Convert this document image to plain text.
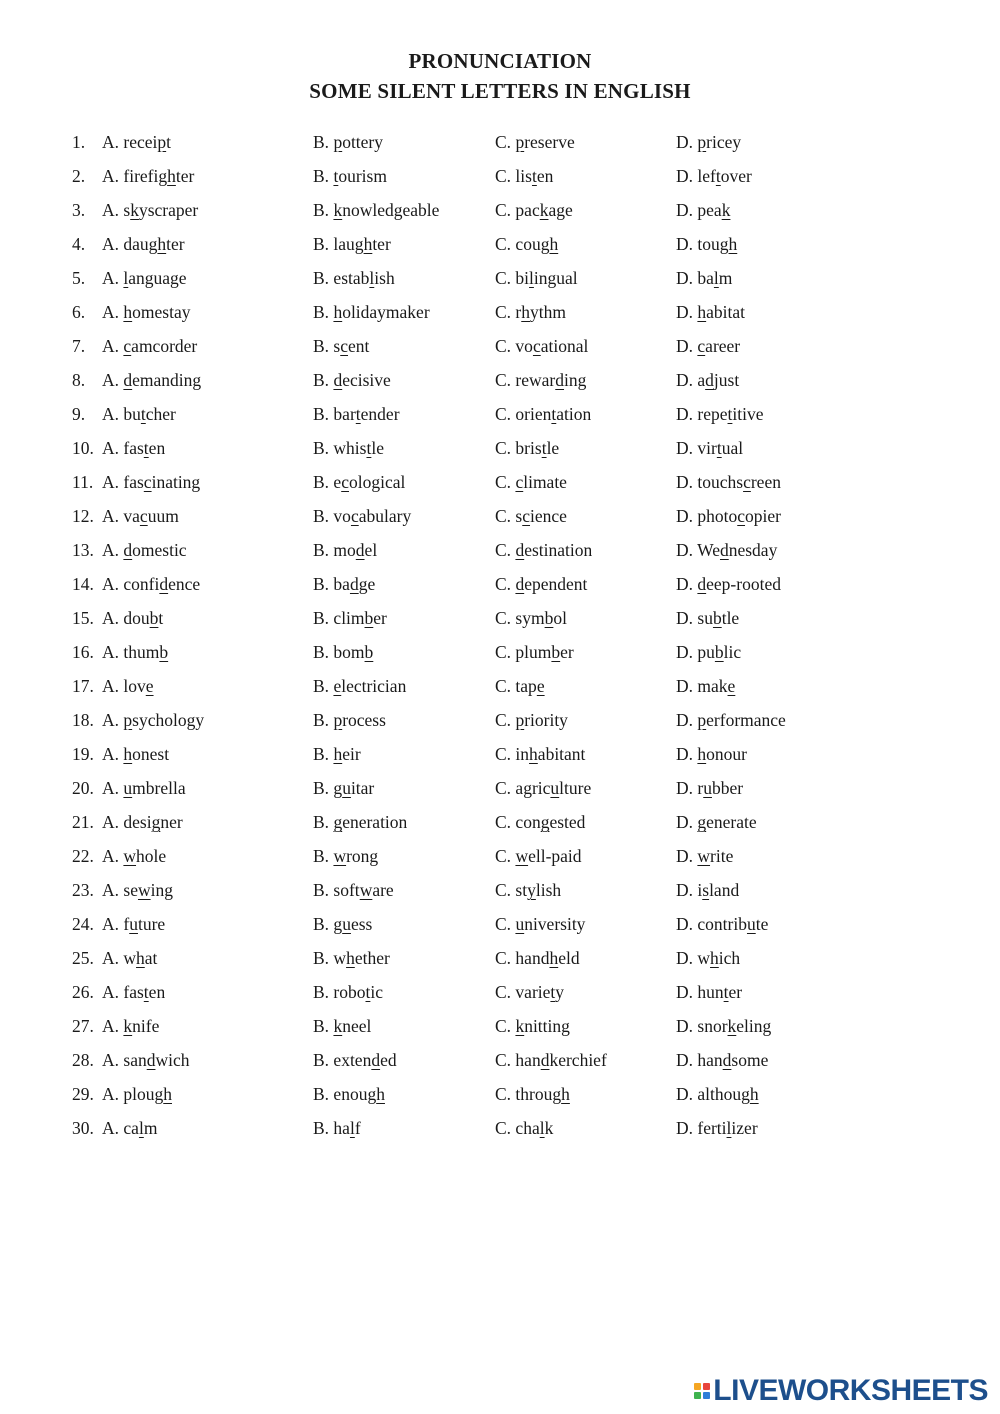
PRONUNCIATION
SOME SILENT LETTERS IN ENGLISH
1. A. receipt	B. pottery	C. preserve	D. pricey
2. A. firefighter	B. tourism	C. listen	D. leftover
3. A. skyscraper	B. knowledgeable	C. package	D. peak
4. A. daughter	B. laughter	C. cough	D. tough
5. A. language	B. establish	C. bilingual	D. balm
6. A. homestay	B. holidaymaker	C. rhythm	D. habitat
7. A. camcorder	B. scent	C. vocational	D. career
8. A. demanding	B. decisive	C. rewarding	D. adjust
9. A. butcher	B. bartender	C. orientation	D. repetitive
10. A. fasten	B. whistle	C. bristle	D. virtual
11. A. fascinating	B. ecological	C. climate	D. touchscreen
12. A. vacuum	B. vocabulary	C. science	D. photocopier
13. A. domestic	B. model	C. destination	D. Wednesday
14. A. confidence	B. badge	C. dependent	D. deep-rooted
15. A. doubt	B. climber	C. symbol	D. subtle
16. A. thumb	B. bomb	C. plumber	D. public
17. A. love	B. electrician	C. tape	D. make
18. A. psychology	B. process	C. priority	D. performance
19. A. honest	B. heir	C. inhabitant	D. honour
20. A. umbrella	B. guitar	C. agriculture	D. rubber
21. A. designer	B. generation	C. congested	D. generate
22. A. whole	B. wrong	C. well-paid	D. write
23. A. sewing	B. software	C. stylish	D. island
24. A. future	B. guess	C. university	D. contribute
25. A. what	B. whether	C. handheld	D. which
26. A. fasten	B. robotic	C. variety	D. hunter
27. A. knife	B. kneel	C. knitting	D. snorkeling
28. A. sandwich	B. extended	C. handkerchief	D. handsome
29. A. plough	B. enough	C. through	D. although
30. A. calm	B. half	C. chalk	D. fertilizer
LIVEWORKSHEETS
